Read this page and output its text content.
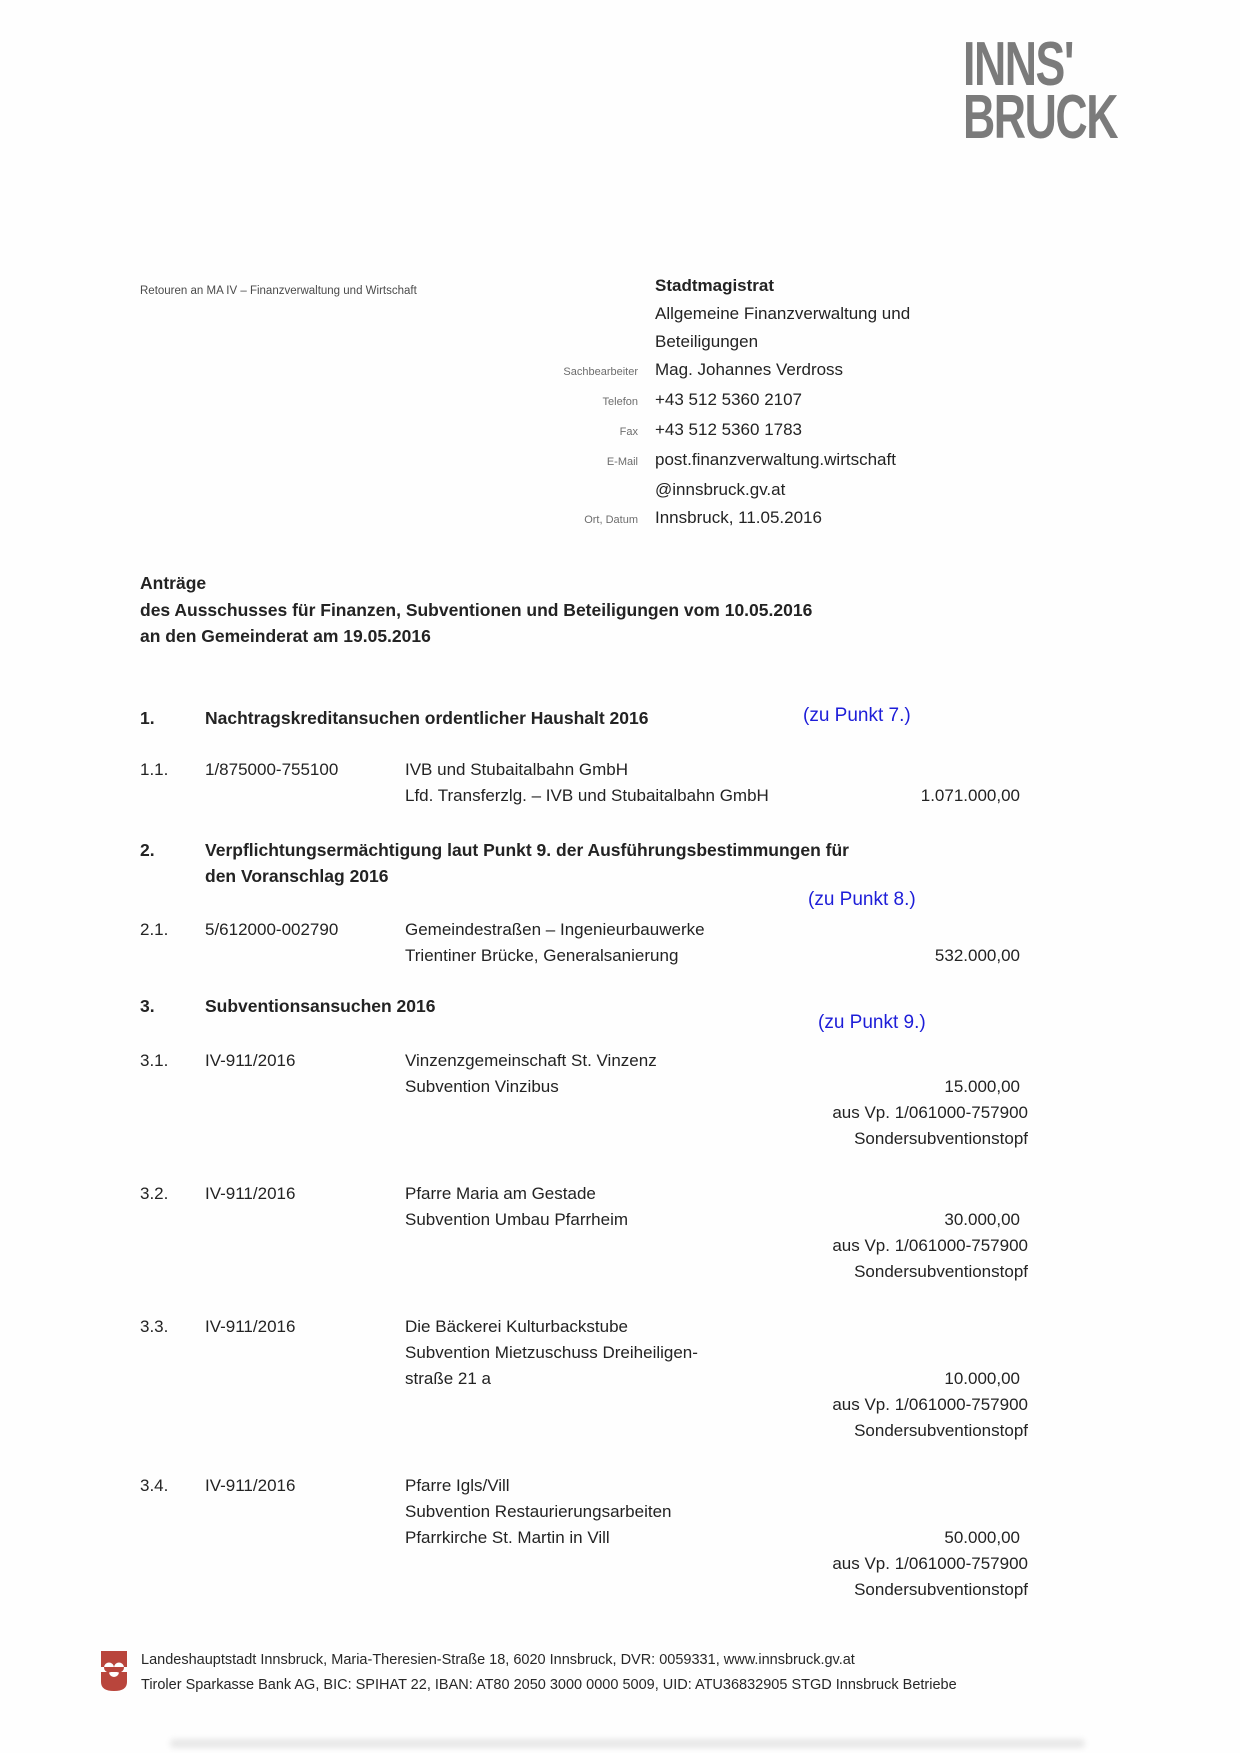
INNS'
BRUCK
Retouren an MA IV – Finanzverwaltung und Wirtschaft	Stadtmagistrat
Allgemeine Finanzverwaltung und
Beteiligungen
Sachbearbeiter	Mag. Johannes Verdross
Telefon	+43 512 5360 2107
Fax	+43 512 5360 1783
E-Mail	post.finanzverwaltung.wirtschaft
@innsbruck.gv.at
Ort, Datum	Innsbruck, 11.05.2016
Anträge
des Ausschusses für Finanzen, Subventionen und Beteiligungen vom 10.05.2016
an den Gemeinderat am 19.05.2016
1.	Nachtragskreditansuchen ordentlicher Haushalt 2016	(zu Punkt 7.)
1.1.	1/875000-755100	IVB und Stubaitalbahn GmbH
Lfd. Transferzlg. – IVB und Stubaitalbahn GmbH	1.071.000,00
2.	Verpflichtungsermächtigung laut Punkt 9. der Ausführungsbestimmungen für
den Voranschlag 2016
(zu Punkt 8.)
2.1.	5/612000-002790	Gemeindestraßen – Ingenieurbauwerke
Trientiner Brücke, Generalsanierung	532.000,00
3.	Subventionsansuchen 2016
(zu Punkt 9.)
3.1.	IV-911/2016	Vinzenzgemeinschaft St. Vinzenz
Subvention Vinzibus	15.000,00
aus Vp. 1/061000-757900
Sondersubventionstopf
3.2.	IV-911/2016	Pfarre Maria am Gestade
Subvention Umbau Pfarrheim	30.000,00
aus Vp. 1/061000-757900
Sondersubventionstopf
3.3.	IV-911/2016	Die Bäckerei Kulturbackstube
Subvention Mietzuschuss Dreiheiligen-
straße 21 a	10.000,00
aus Vp. 1/061000-757900
Sondersubventionstopf
3.4.	IV-911/2016	Pfarre Igls/Vill
Subvention Restaurierungsarbeiten
Pfarrkirche St. Martin in Vill	50.000,00
aus Vp. 1/061000-757900
Sondersubventionstopf
Landeshauptstadt Innsbruck, Maria-Theresien-Straße 18, 6020 Innsbruck, DVR: 0059331, www.innsbruck.gv.at
Tiroler Sparkasse Bank AG, BIC: SPIHAT 22, IBAN: AT80 2050 3000 0000 5009, UID: ATU36832905 STGD Innsbruck Betriebe
